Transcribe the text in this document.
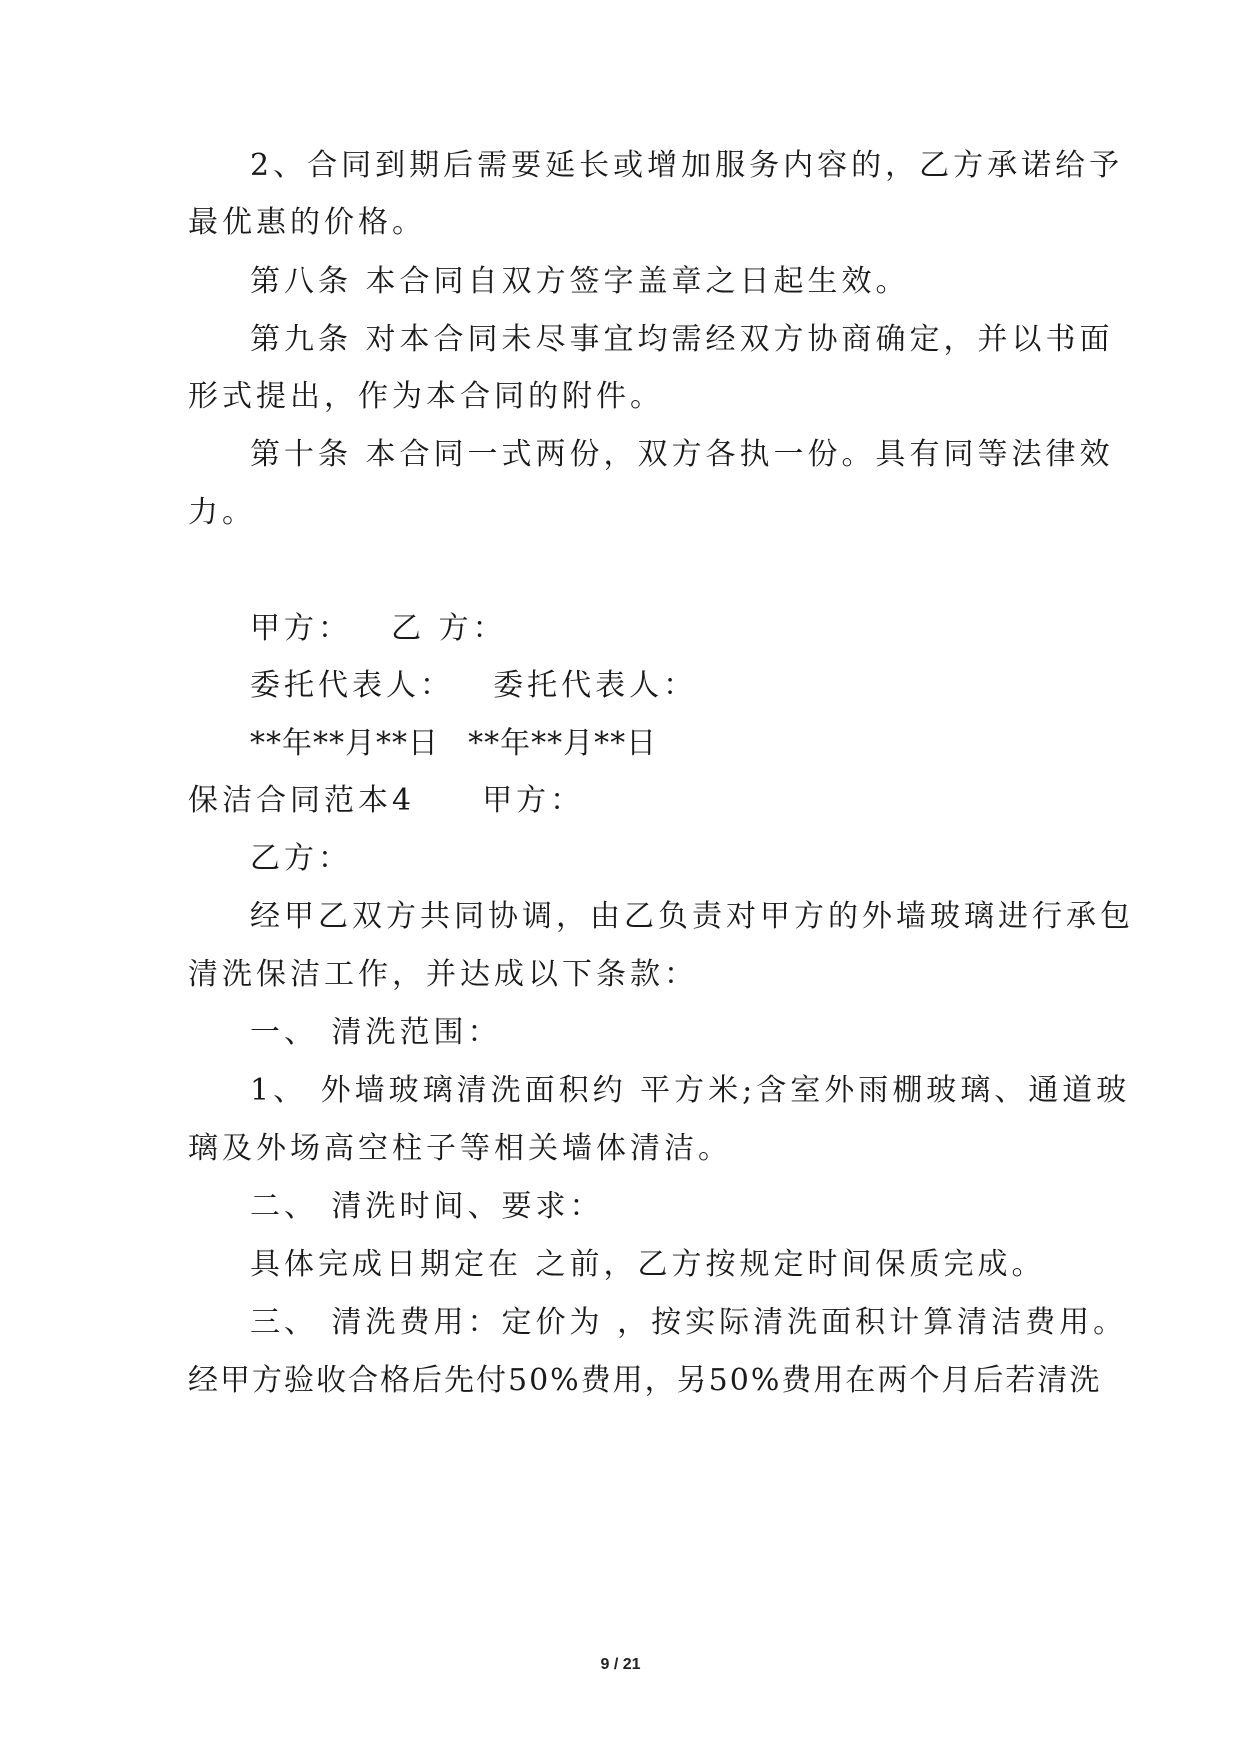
2、合同到期后需要延长或增加服务内容的，乙方承诺给予
最优惠的价格。
第八条 本合同自双方签字盖章之日起生效。
第九条 对本合同未尽事宜均需经双方协商确定，并以书面
形式提出，作为本合同的附件。
第十条 本合同一式两份，双方各执一份。具有同等法律效
力。
甲方： 乙 方：
委托代表人： 委托代表人：
**年**月**日 **年**月**日
保洁合同范本4 甲方：
乙方：
经甲乙双方共同协调，由乙负责对甲方的外墙玻璃进行承包
清洗保洁工作，并达成以下条款：
一、 清洗范围：
1、 外墙玻璃清洗面积约 平方米;含室外雨棚玻璃、通道玻
璃及外场高空柱子等相关墙体清洁。
二、 清洗时间、要求：
具体完成日期定在 之前，乙方按规定时间保质完成。
三、 清洗费用：定价为 ，按实际清洗面积计算清洁费用。
经甲方验收合格后先付50%费用，另50%费用在两个月后若清洗
9 / 21
